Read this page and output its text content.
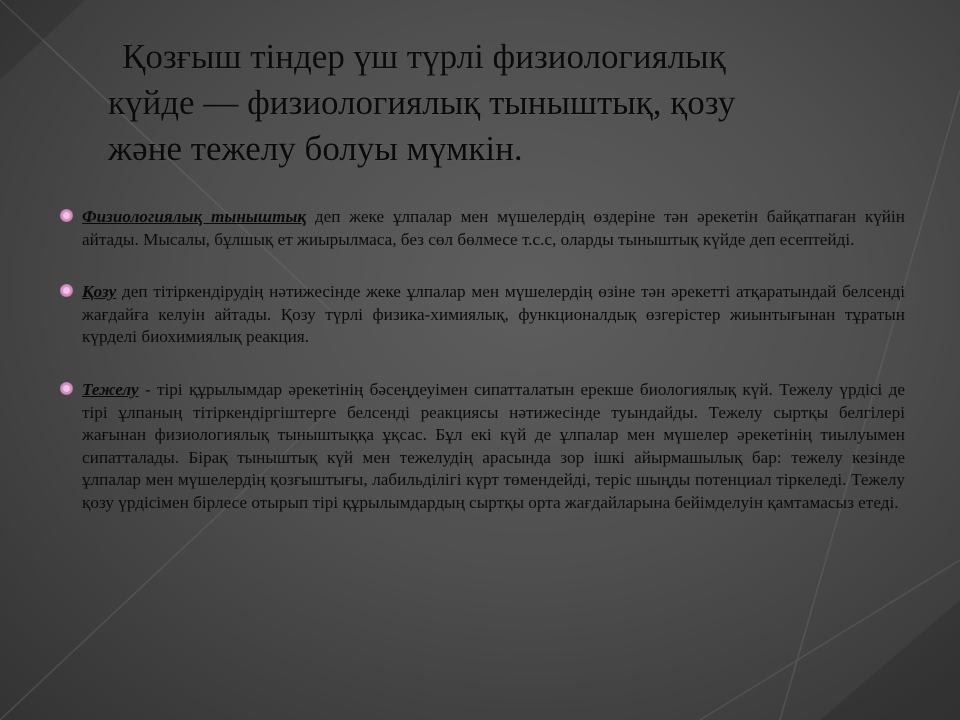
Қозғыш тіндер үш түрлі физиологиялық
күйде — физиологиялық тыныштық, қозу
және тежелу болуы мүмкін.
Физиологиялық тыныштық деп жеке ұлпалар мен мүшелердің өздеріне тән әрекетін байқатпаған күйін айтады. Мысалы, бұлшық ет жиырылмаса, без сөл бөлмесе т.с.с, оларды тыныштық күйде деп есептейді.
Қозу деп тітіркендірудің нәтижесінде жеке ұлпалар мен мүшелердің өзіне тән әрекетті атқаратындай белсенді жағдайға келуін айтады. Қозу түрлі физика-химиялық, функционалдық өзгерістер жиынтығынан тұратын күрделі биохимиялық реакция.
Тежелу - тірі құрылымдар әрекетінің бәсеңдеуімен сипатталатын ерекше биологиялық күй. Тежелу үрдісі де тірі ұлпаның тітіркендіргіштерге белсенді реакциясы нәтижесінде туындайды. Тежелу сыртқы белгілері жағынан физиологиялық тыныштыққа ұқсас. Бұл екі күй де ұлпалар мен мүшелер әрекетінің тиылуымен сипатталады. Бірақ тыныштық күй мен тежелудің арасында зор ішкі айырмашылық бар: тежелу кезінде ұлпалар мен мүшелердің қозғыштығы, лабильділігі күрт төмендейді, теріс шыңды потенциал тіркеледі. Тежелу қозу үрдісімен бірлесе отырып тірі құрылымдардың сыртқы орта жағдайларына бейімделуін қамтамасыз етеді.
